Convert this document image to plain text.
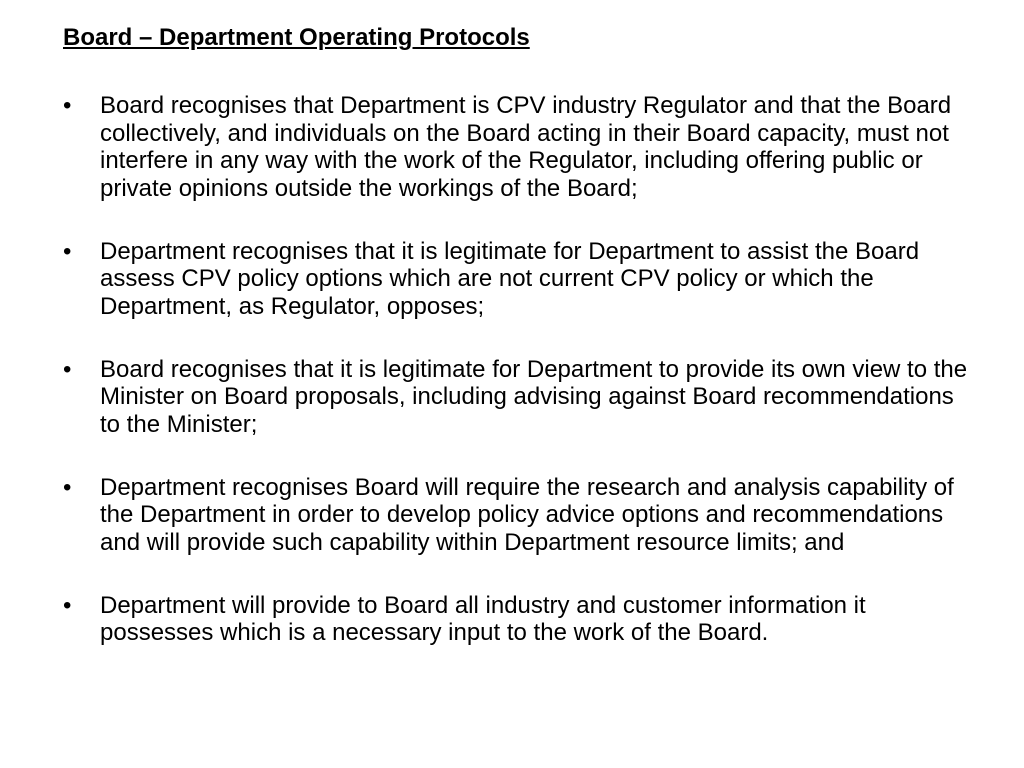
Board – Department Operating Protocols
•	Board recognises that Department is CPV industry Regulator and that the Board collectively, and individuals on the Board acting in their Board capacity, must not interfere in any way with the work of the Regulator, including offering public or private opinions outside the workings of the Board;
•	Department recognises that it is legitimate for Department to assist the Board assess CPV policy options which are not current CPV policy or which the Department, as Regulator, opposes;
•	Board recognises that it is legitimate for Department to provide its own view to the Minister on Board proposals, including advising against Board recommendations to the Minister;
•	Department recognises Board will require the research and analysis capability of the Department in order to develop policy advice options and recommendations and will provide such capability within Department resource limits; and
•	Department will provide to Board all industry and customer information it possesses which is a necessary input to the work of the Board.
